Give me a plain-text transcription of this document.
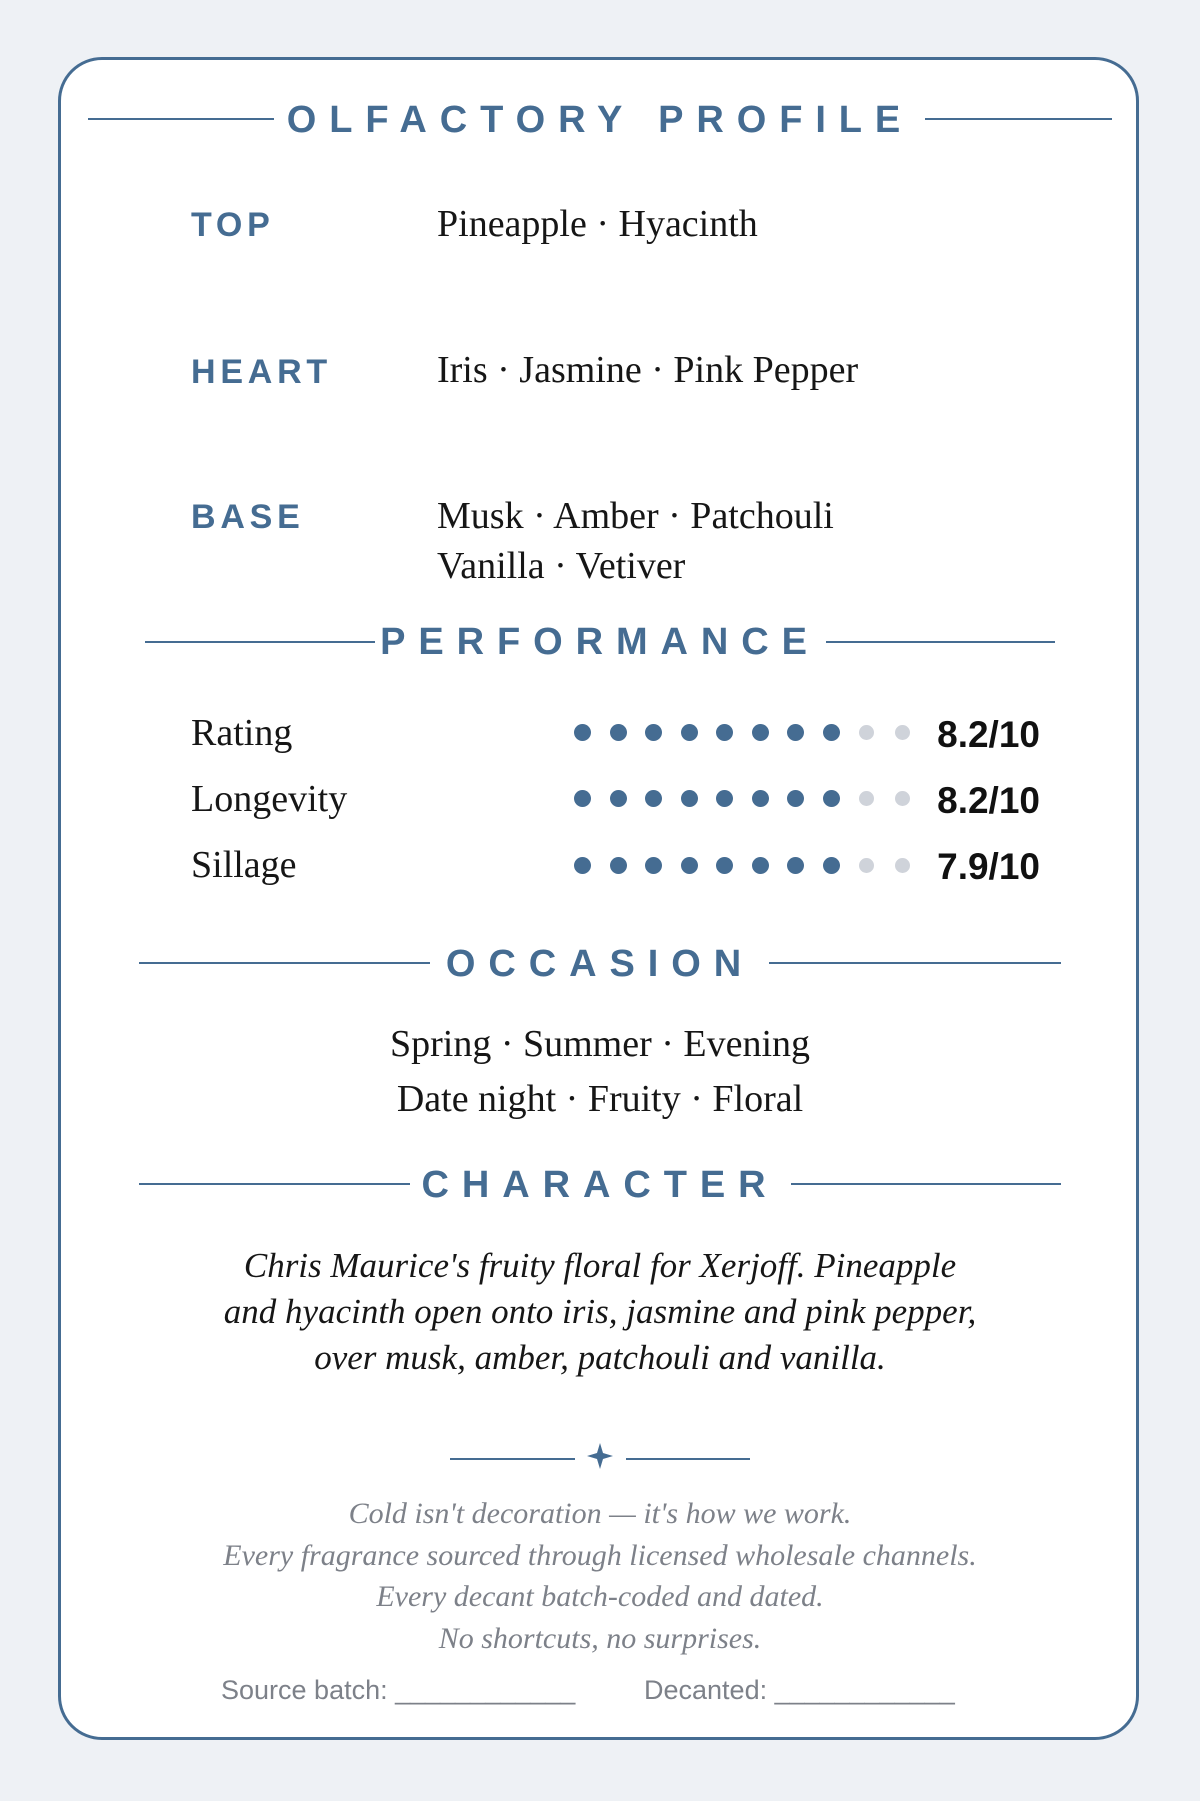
OLFACTORY PROFILE
TOP	Pineapple · Hyacinth
HEART	Iris · Jasmine · Pink Pepper
BASE	Musk · Amber · Patchouli
Vanilla · Vetiver
PERFORMANCE
Rating	8.2/10
Longevity	8.2/10
Sillage	7.9/10
OCCASION
Spring · Summer · Evening
Date night · Fruity · Floral
CHARACTER
Chris Maurice's fruity floral for Xerjoff. Pineapple
and hyacinth open onto iris, jasmine and pink pepper,
over musk, amber, patchouli and vanilla.
Cold isn't decoration — it's how we work.
Every fragrance sourced through licensed wholesale channels.
Every decant batch-coded and dated.
No shortcuts, no surprises.
Source batch: ____________	Decanted: ____________
